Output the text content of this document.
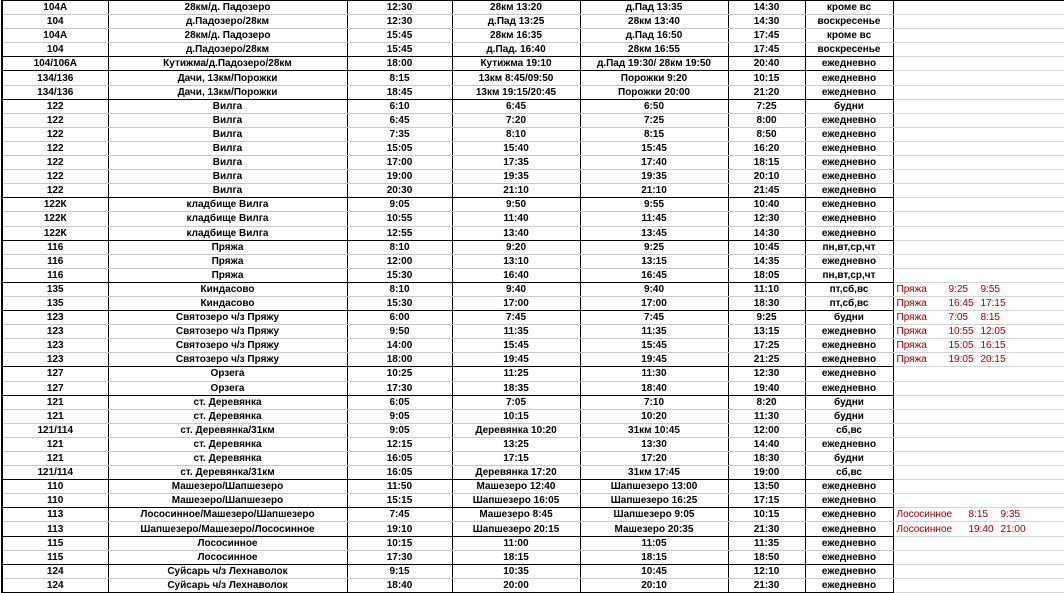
104А	28км/д. Падозеро	12:30	28км 13:20	д.Пад 13:35	14:30	кроме вс	
104	д.Падозеро/28км	12:30	д.Пад 13:25	28км 13:40	14:30	воскресенье	
104А	28км/д. Падозеро	15:45	28км 16:35	д.Пад 16:50	17:45	кроме вс	
104	д.Падозеро/28км	15:45	д.Пад. 16:40	28км 16:55	17:45	воскресенье	
104/106А	Кутижма/д.Падозеро/28км	18:00	Кутижма 19:10	д.Пад 19:30/ 28км 19:50	20:40	ежедневно	
134/136	Дачи, 13км/Порожки	8:15	13км 8:45/09:50	Порожки 9:20	10:15	ежедневно	
134/136	Дачи, 13км/Порожки	18:45	13км 19:15/20:45	Порожки 20:00	21:20	ежедневно	
122	Вилга	6:10	6:45	6:50	7:25	будни	
122	Вилга	6:45	7:20	7:25	8:00	ежедневно	
122	Вилга	7:35	8:10	8:15	8:50	ежедневно	
122	Вилга	15:05	15:40	15:45	16:20	ежедневно	
122	Вилга	17:00	17:35	17:40	18:15	ежедневно	
122	Вилга	19:00	19:35	19:35	20:10	ежедневно	
122	Вилга	20:30	21:10	21:10	21:45	ежедневно	
122К	кладбище Вилга	9:05	9:50	9:55	10:40	ежедневно	
122К	кладбище Вилга	10:55	11:40	11:45	12:30	ежедневно	
122К	кладбище Вилга	12:55	13:40	13:45	14:30	ежедневно	
116	Пряжа	8:10	9:20	9:25	10:45	пн,вт,ср,чт	
116	Пряжа	12:00	13:10	13:15	14:35	ежедневно	
116	Пряжа	15:30	16:40	16:45	18:05	пн,вт,ср,чт	
135	Киндасово	8:10	9:40	9:40	11:10	пт,сб,вс	Пряжа 9:25 9:55
135	Киндасово	15:30	17:00	17:00	18:30	пт,сб,вс	Пряжа 16:45 17:15
123	Святозеро ч/з Пряжу	6:00	7:45	7:45	9:25	будни	Пряжа 7:05 8:15
123	Святозеро ч/з Пряжу	9:50	11:35	11:35	13:15	ежедневно	Пряжа 10:55 12:05
123	Святозеро ч/з Пряжу	14:00	15:45	15:45	17:25	ежедневно	Пряжа 15:05 16:15
123	Святозеро ч/з Пряжу	18:00	19:45	19:45	21:25	ежедневно	Пряжа 19:05 20:15
127	Орзега	10:25	11:25	11:30	12:30	ежедневно	
127	Орзега	17:30	18:35	18:40	19:40	ежедневно	
121	ст. Деревянка	6:05	7:05	7:10	8:20	будни	
121	ст. Деревянка	9:05	10:15	10:20	11:30	будни	
121/114	ст. Деревянка/31км	9:05	Деревянка 10:20	31км 10:45	12:00	сб,вс	
121	ст. Деревянка	12:15	13:25	13:30	14:40	ежедневно	
121	ст. Деревянка	16:05	17:15	17:20	18:30	будни	
121/114	ст. Деревянка/31км	16:05	Деревянка 17:20	31км 17:45	19:00	сб,вс	
110	Машезеро/Шапшезеро	11:50	Машезеро 12:40	Шапшезеро 13:00	13:50	ежедневно	
110	Машезеро/Шапшезеро	15:15	Шапшезеро 16:05	Шапшезеро 16:25	17:15	ежедневно	
113	Лососинное/Машезеро/Шапшезеро	7:45	Машезеро 8:45	Шапшезеро 9:05	10:15	ежедневно	Лососинное 8:15 9:35
113	Шапшезеро/Машезеро/Лососинное	19:10	Шапшезеро 20:15	Машезеро 20:35	21:30	ежедневно	Лососинное 19:40 21:00
115	Лососинное	10:15	11:00	11:05	11:35	ежедневно	
115	Лососинное	17:30	18:15	18:15	18:50	ежедневно	
124	Суйсарь ч/з Лехнаволок	9:15	10:35	10:45	12:10	ежедневно	
124	Суйсарь ч/з Лехнаволок	18:40	20:00	20:10	21:30	ежедневно	
